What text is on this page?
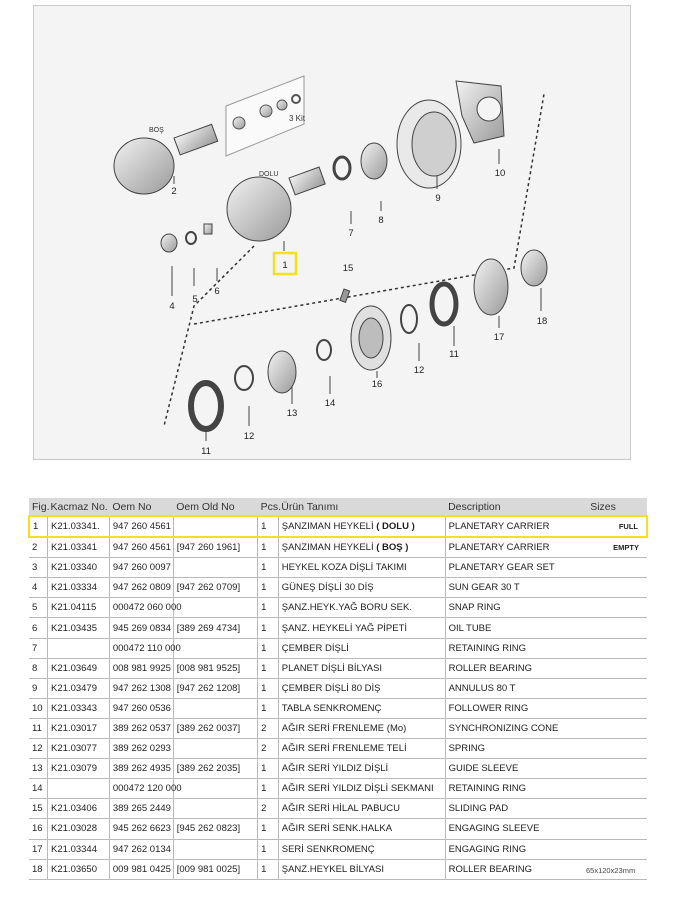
3 Kit
BOŞ
DOLU
1
2
4
5
6
7
8
9
10
11
12
13
14
15
16
12
11
17
18
Fig.	Kacmaz No.	Oem No	Oem Old No	Pcs.	Ürün Tanımı	Description	Sizes
1	K21.03341.	947 260 4561		1	ŞANZIMAN HEYKELİ ( DOLU )	PLANETARY CARRIER	FULL
2	K21.03341	947 260 4561	[947 260 1961]	1	ŞANZIMAN HEYKELİ ( BOŞ )	PLANETARY CARRIER	EMPTY
3	K21.03340	947 260 0097		1	HEYKEL KOZA DİŞLİ TAKIMI	PLANETARY GEAR SET	
4	K21.03334	947 262 0809	[947 262 0709]	1	GÜNEŞ DİŞLİ 30 DİŞ	SUN GEAR 30 T	
5	K21.04115	000472 060 000		1	ŞANZ.HEYK.YAĞ BORU SEK.	SNAP RING	
6	K21.03435	945 269 0834	[389 269 4734]	1	ŞANZ. HEYKELİ YAĞ PİPETİ	OIL TUBE	
7		000472 110 000		1	ÇEMBER DİŞLİ	RETAINING RING	
8	K21.03649	008 981 9925	[008 981 9525]	1	PLANET DİŞLİ BİLYASI	ROLLER BEARING	
9	K21.03479	947 262 1308	[947 262 1208]	1	ÇEMBER DİŞLİ 80 DİŞ	ANNULUS 80 T	
10	K21.03343	947 260 0536		1	TABLA SENKROMENÇ	FOLLOWER RING	
11	K21.03017	389 262 0537	[389 262 0037]	2	AĞIR SERİ FRENLEME (Mo)	SYNCHRONIZING CONE	
12	K21.03077	389 262 0293		2	AĞIR SERİ FRENLEME TELİ	SPRING	
13	K21.03079	389 262 4935	[389 262 2035]	1	AĞIR SERİ YILDIZ DİŞLİ	GUIDE SLEEVE	
14		000472 120 000		1	AĞIR SERİ YILDIZ DİŞLİ SEKMANI	RETAINING RING	
15	K21.03406	389 265 2449		2	AĞIR SERİ HİLAL PABUCU	SLIDING PAD	
16	K21.03028	945 262 6623	[945 262 0823]	1	AĞIR SERİ SENK.HALKA	ENGAGING SLEEVE	
17	K21.03344	947 262 0134		1	SERİ SENKROMENÇ	ENGAGING RING	
18	K21.03650	009 981 0425	[009 981 0025]	1	ŞANZ.HEYKEL BİLYASI	ROLLER BEARING		65x120x23mm
